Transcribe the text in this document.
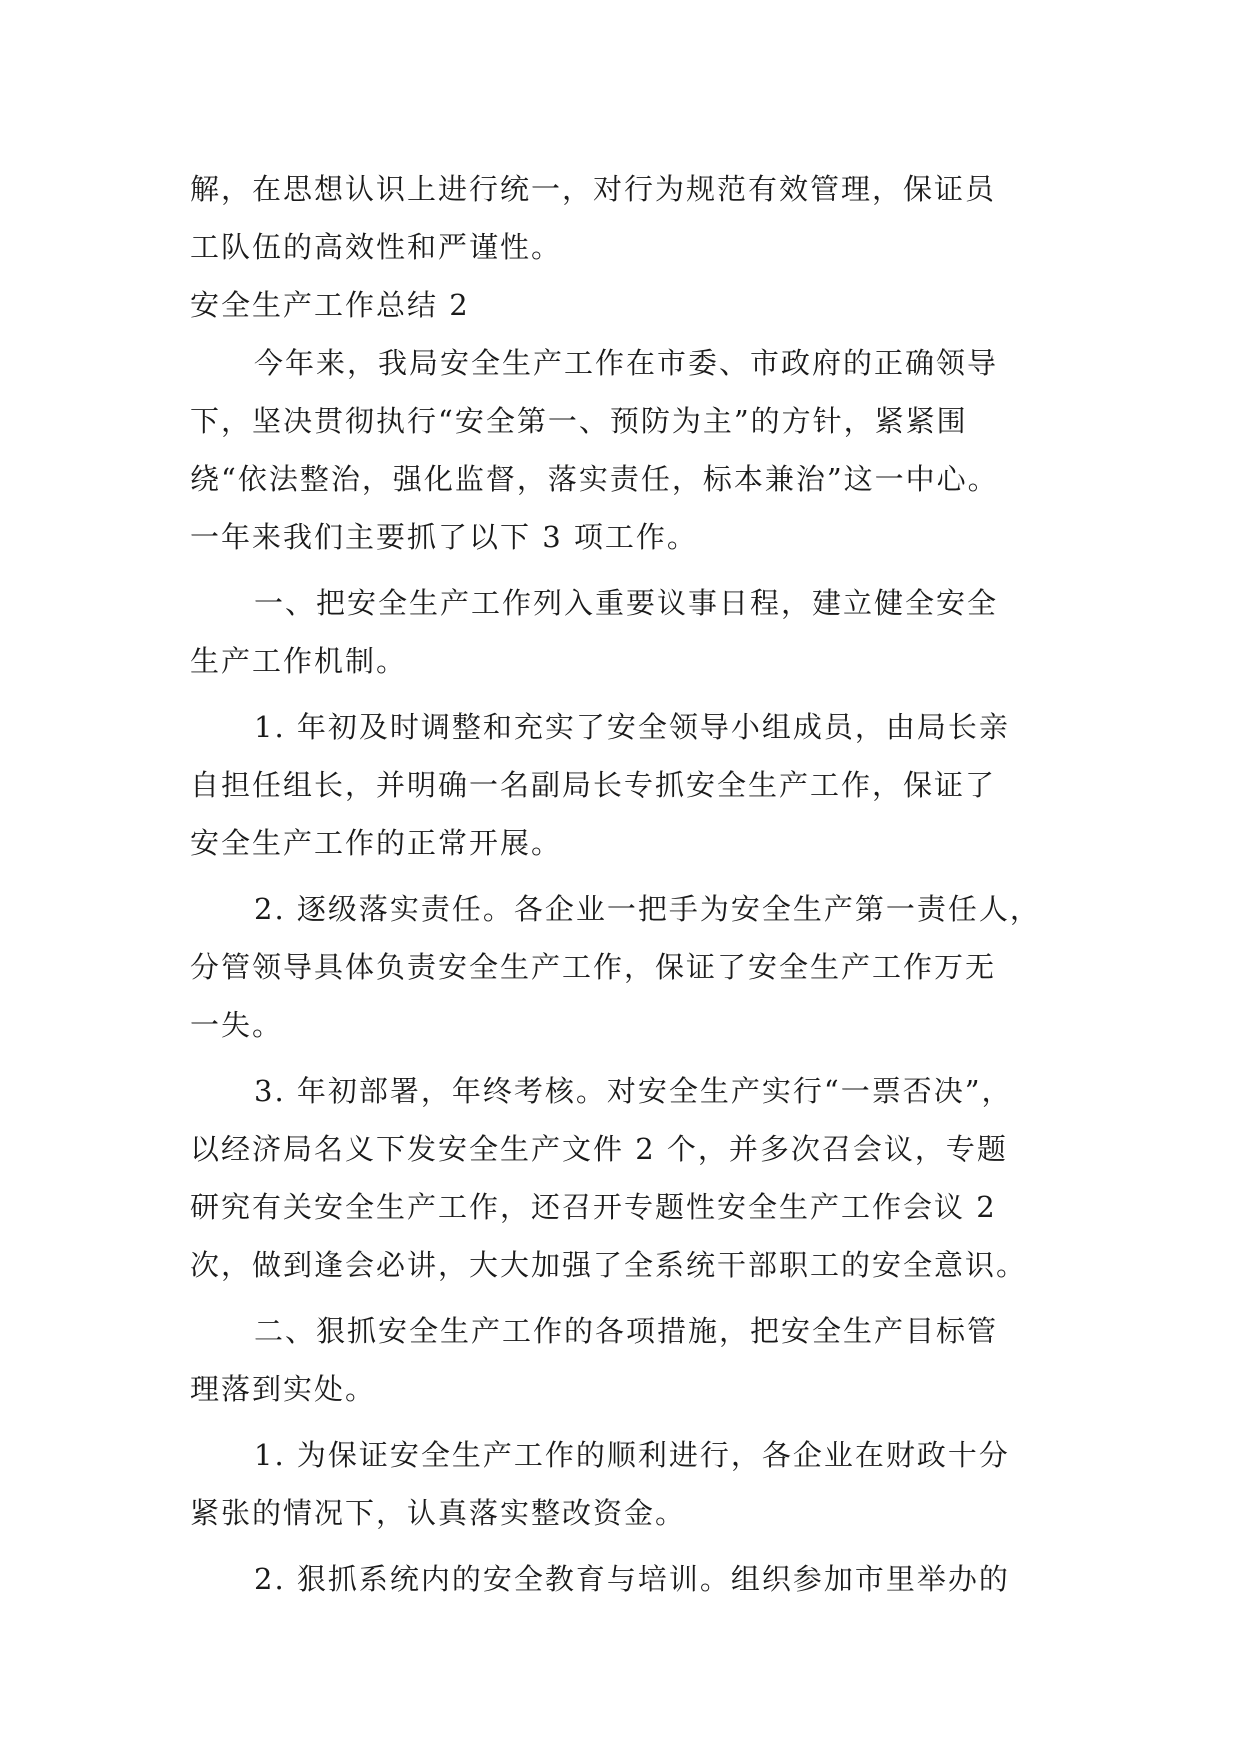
解，在思想认识上进行统一，对行为规范有效管理，保证员
工队伍的高效性和严谨性。
安全生产工作总结 2
今年来，我局安全生产工作在市委、市政府的正确领导
下，坚决贯彻执行“安全第一、预防为主”的方针，紧紧围
绕“依法整治，强化监督，落实责任，标本兼治”这一中心。
一年来我们主要抓了以下 3 项工作。
一、把安全生产工作列入重要议事日程，建立健全安全
生产工作机制。
1. 年初及时调整和充实了安全领导小组成员，由局长亲
自担任组长，并明确一名副局长专抓安全生产工作，保证了
安全生产工作的正常开展。
2. 逐级落实责任。各企业一把手为安全生产第一责任人，
分管领导具体负责安全生产工作，保证了安全生产工作万无
一失。
3. 年初部署，年终考核。对安全生产实行“一票否决”，
以经济局名义下发安全生产文件 2 个，并多次召会议，专题
研究有关安全生产工作，还召开专题性安全生产工作会议 2
次，做到逢会必讲，大大加强了全系统干部职工的安全意识。
二、狠抓安全生产工作的各项措施，把安全生产目标管
理落到实处。
1. 为保证安全生产工作的顺利进行，各企业在财政十分
紧张的情况下，认真落实整改资金。
2. 狠抓系统内的安全教育与培训。组织参加市里举办的
